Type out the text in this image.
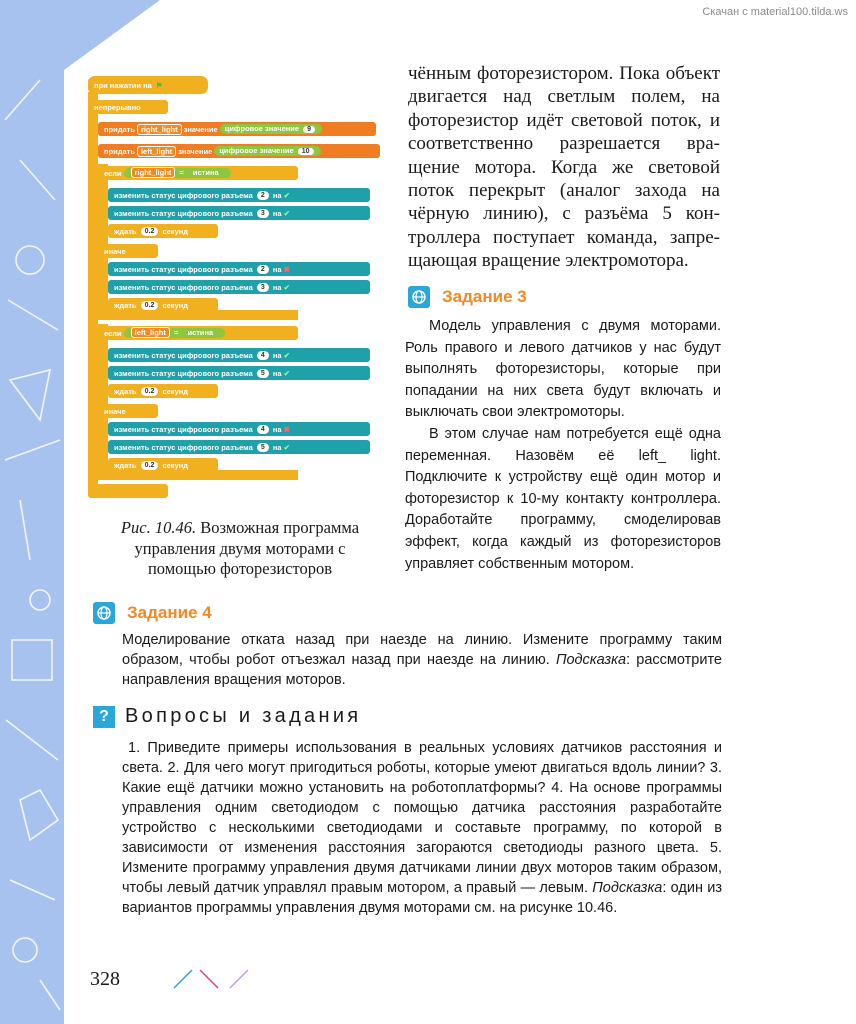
Скачан с material100.tilda.ws
при нажатии на ⚑
непрерывно
придать right_light значение цифровое значение 9
придать left_light значение цифровое значение 10
если	right_light = истина
изменить статус цифрового разъема
	2
	на
✔
изменить статус цифрового разъема
	3
	на
✔
ждать
	0.2
	секунд
иначе
изменить статус цифрового разъема
	2
	на
✖
изменить статус цифрового разъема
	3
	на
✔
ждать
	0.2
	секунд
если	left_light = истина
изменить статус цифрового разъема
	4
	на
✔
изменить статус цифрового разъема
	5
	на
✔
ждать
	0.2
	секунд
иначе
изменить статус цифрового разъема
	4
	на
✖
изменить статус цифрового разъема
	5
	на
✔
ждать
	0.2
	секунд
Рис. 10.46. Возможная программа управления двумя моторами с помощью фоторезисторов

чённым фоторезистором. Пока объект двигается над светлым полем, на фоторезистор идёт световой поток, и соответственно разрешается вращение мотора. Когда же световой поток перекрыт (аналог захода на чёрную линию), с разъёма 5 контроллера поступает команда, запрещающая вращение электромотора.

Задание 3

Модель управления с двумя моторами. Роль правого и левого датчиков у нас будут выполнять фоторезисторы, которые при попадании на них света будут включать и выключать свои электромоторы.

В этом случае нам потребуется ещё одна переменная. Назовём её left_ light. Подключите к устройству ещё один мотор и фоторезистор к 10-му контакту контроллера. Доработайте программу, смоделировав эффект, когда каждый из фоторезисторов управляет собственным мотором.

Задание 4

Моделирование отката назад при наезде на линию. Измените программу таким образом, чтобы робот отъезжал назад при наезде на линию. Подсказка: рассмотрите направления вращения моторов.

? Вопросы и задания

1. Приведите примеры использования в реальных условиях датчиков расстояния и света. 2. Для чего могут пригодиться роботы, которые умеют двигаться вдоль линии? 3. Какие ещё датчики можно установить на роботоплатформы? 4. На основе программы управления одним светодиодом с помощью датчика расстояния разработайте устройство с несколькими светодиодами и составьте программу, по которой в зависимости от изменения расстояния загораются светодиоды разного цвета. 5. Измените программу управления двумя датчиками линии двух моторов таким образом, чтобы левый датчик управлял правым мотором, а правый — левым. Подсказка: один из вариантов программы управления двумя моторами см. на рисунке 10.46.

328
